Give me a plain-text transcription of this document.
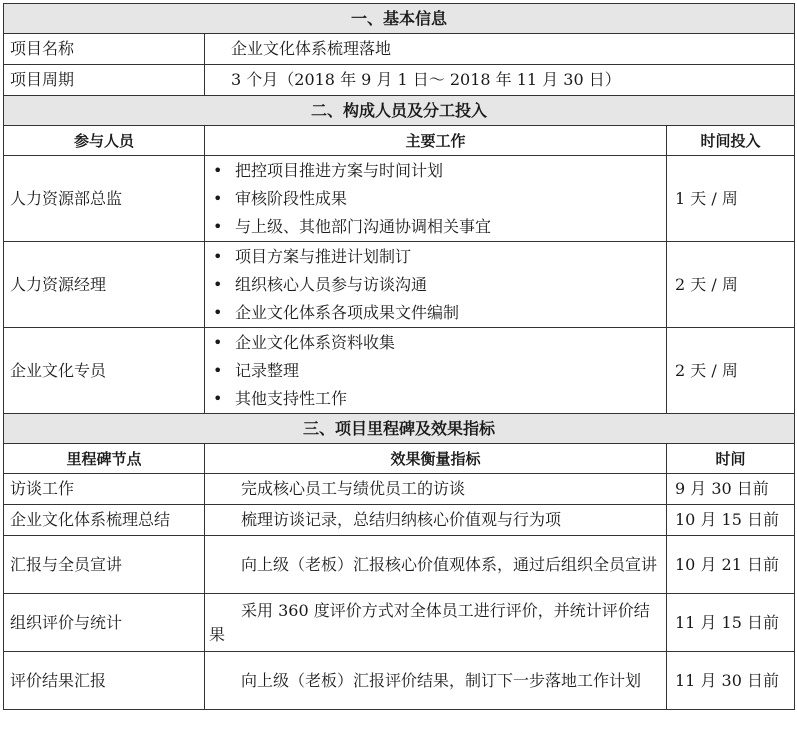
一、基本信息		
项目名称	企业文化体系梳理落地	
项目周期	3 个月（2018 年 9 月 1 日～ 2018 年 11 月 30 日）	
二、构成人员及分工投入		
参与人员	主要工作	时间投入
人力资源部总监	• 把控项目推进方案与时间计划
• 审核阶段性成果
• 与上级、其他部门沟通协调相关事宜	1 天 / 周
人力资源经理	• 项目方案与推进计划制订
• 组织核心人员参与访谈沟通
• 企业文化体系各项成果文件编制	2 天 / 周
企业文化专员	• 企业文化体系资料收集
• 记录整理
• 其他支持性工作	2 天 / 周
三、项目里程碑及效果指标		
里程碑节点	效果衡量指标	时间
访谈工作	完成核心员工与绩优员工的访谈	9 月 30 日前
企业文化体系梳理总结	梳理访谈记录，总结归纳核心价值观与行为项	10 月 15 日前
汇报与全员宣讲	向上级（老板）汇报核心价值观体系，通过后组织全员宣讲	10 月 21 日前
组织评价与统计	采用 360 度评价方式对全体员工进行评价，并统计评价结果	11 月 15 日前
评价结果汇报	向上级（老板）汇报评价结果，制订下一步落地工作计划	11 月 30 日前
